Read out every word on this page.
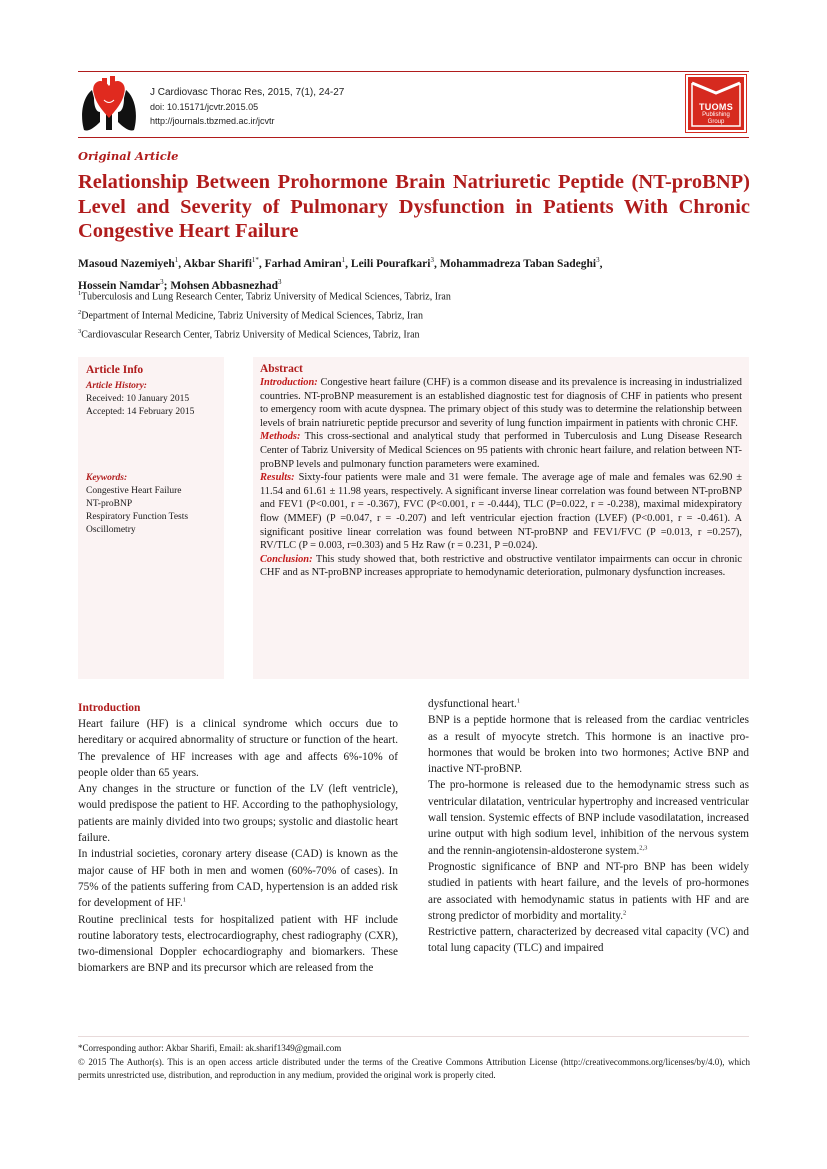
J Cardiovasc Thorac Res, 2015, 7(1), 24-27
doi: 10.15171/jcvtr.2015.05
http://journals.tbzmed.ac.ir/jcvtr
TUOMS
Publishing
Group
Original Article
Relationship Between Prohormone Brain Natriuretic Peptide (NT-proBNP) Level and Severity of Pulmonary Dysfunction in Patients With Chronic Congestive Heart Failure
Masoud Nazemiyeh$^1$, Akbar Sharifi$^{1*}$, Farhad Amiran$^1$, Leili Pourafkari$^3$, Mohammadreza Taban Sadeghi$^3$,
Hossein Namdar$^3$; Mohsen Abbasnezhad$^3$
$^1$Tuberculosis and Lung Research Center, Tabriz University of Medical Sciences, Tabriz, Iran
$^2$Department of Internal Medicine, Tabriz University of Medical Sciences, Tabriz, Iran
$^3$Cardiovascular Research Center, Tabriz University of Medical Sciences, Tabriz, Iran
Article Info
Article History:
Received: 10 January 2015
Accepted: 14 February 2015
Keywords:
Congestive Heart Failure
NT-proBNP
Respiratory Function Tests
Oscillometry
Abstract

Introduction: Congestive heart failure (CHF) is a common disease and its prevalence is increasing in industrialized countries. NT-proBNP measurement is an established diagnostic test for diagnosis of CHF in patients who present to emergency room with acute dyspnea. The primary object of this study was to determine the relationship between levels of brain natriuretic peptide precursor and severity of lung function impairment in patients with chronic CHF.

Methods: This cross-sectional and analytical study that performed in Tuberculosis and Lung Disease Research Center of Tabriz University of Medical Sciences on 95 patients with chronic heart failure, and relation between NT-proBNP levels and pulmonary function parameters were examined.

Results: Sixty-four patients were male and 31 were female. The average age of male and females was 62.90 ± 11.54 and 61.61 ± 11.98 years, respectively. A significant inverse linear correlation was found between NT-proBNP and FEV1 (P<0.001, r = -0.367), FVC (P<0.001, r = -0.444), TLC (P=0.022, r = -0.238), maximal midexpiratory flow (MMEF) (P =0.047, r = -0.207) and left ventricular ejection fraction (LVEF) (P<0.001, r = -0.461). A significant positive linear correlation was found between NT-proBNP and FEV1/FVC (P =0.013, r =0.257), RV/TLC (P = 0.003, r=0.303) and 5 Hz Raw (r = 0.231, P =0.024).

Conclusion: This study showed that, both restrictive and obstructive ventilator impairments can occur in chronic CHF and as NT-proBNP increases appropriate to hemodynamic deterioration, pulmonary dysfunction increases.

Introduction

Heart failure (HF) is a clinical syndrome which occurs due to hereditary or acquired abnormality of structure or function of the heart. The prevalence of HF increases with age and affects 6%-10% of people older than 65 years.

Any changes in the structure or function of the LV (left ventricle), would predispose the patient to HF. According to the pathophysiology, patients are mainly divided into two groups; systolic and diastolic heart failure.

In industrial societies, coronary artery disease (CAD) is known as the major cause of HF both in men and women (60%-70% of cases). In 75% of the patients suffering from CAD, hypertension is an added risk for development of HF.$^1$

Routine preclinical tests for hospitalized patient with HF include routine laboratory tests, electrocardiography, chest radiography (CXR), two-dimensional Doppler echocardiography and biomarkers. These biomarkers are BNP and its precursor which are released from the

dysfunctional heart.$^1$

BNP is a peptide hormone that is released from the cardiac ventricles as a result of myocyte stretch. This hormone is an inactive pro-hormones that would be broken into two hormones; Active BNP and inactive NT-proBNP.

The pro-hormone is released due to the hemodynamic stress such as ventricular dilatation, ventricular hypertrophy and increased ventricular wall tension. Systemic effects of BNP include vasodilatation, increased urine output with high sodium level, inhibition of the nervous system and the rennin-angiotensin-aldosterone system.$^{2,3}$

Prognostic significance of BNP and NT-pro BNP has been widely studied in patients with heart failure, and the levels of pro-hormones are associated with hemodynamic status in patients with HF and are strong predictor of morbidity and mortality.$^2$

Restrictive pattern, characterized by decreased vital capacity (VC) and total lung capacity (TLC) and impaired

*Corresponding author: Akbar Sharifi, Email: ak.sharif1349@gmail.com
© 2015 The Author(s). This is an open access article distributed under the terms of the Creative Commons Attribution License (http://creativecommons.org/licenses/by/4.0), which permits unrestricted use, distribution, and reproduction in any medium, provided the original work is properly cited.
